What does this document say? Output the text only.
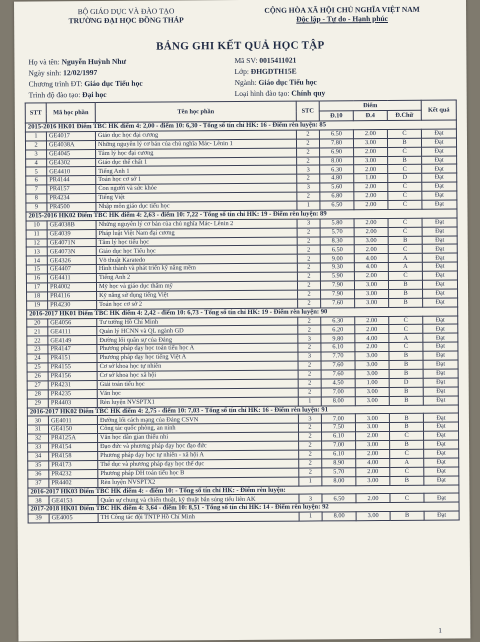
BỘ GIÁO DỤC VÀ ĐÀO TẠO
TRƯỜNG ĐẠI HỌC ĐỒNG THÁP
CỘNG HÒA XÃ HỘI CHỦ NGHĨA VIỆT NAM
Độc lập - Tự do - Hạnh phúc
BẢNG GHI KẾT QUẢ HỌC TẬP
Họ và tên: Nguyễn Huỳnh Như
Ngày sinh: 12/02/1997
Chương trình ĐT: Giáo dục Tiểu học
Trình độ đào tạo: Đại học
Mã SV: 0015411021
Lớp: ĐHGDTH15E
Ngành: Giáo dục Tiểu học
Loại hình đào tạo: Chính quy
STT	Mã học phần	Tên học phần	STC	Điểm			Kết quả
				Đ.10	Đ.4	Đ.Chữ	
2015-2016 HK01 Điểm TBC HK điểm 4: 2,00 - điểm 10: 6,30 - Tổng số tín chỉ HK: 16 - Điểm rèn luyện: 85							
1	GE4017	Giáo dục học đại cương	2	6.50	2.00	C	Đạt
2	GE4038A	Những nguyên lý cơ bản của chủ nghĩa Mác- Lênin 1	2	7.80	3.00	B	Đạt
3	GE4045	Tâm lý học đại cương	2	6.90	2.00	C	Đạt
4	GE4302	Giáo dục thể chất 1	2	8.00	3.00	B	Đạt
5	GE4410	Tiếng Anh 1	3	6.30	2.00	C	Đạt
6	PR4144	Toán học cơ sở 1	2	4.80	1.00	D	Đạt
7	PR4157	Con người và sức khỏe	3	5.60	2.00	C	Đạt
8	PR4234	Tiếng Việt	2	6.80	2.00	C	Đạt
9	PR4500	Nhập môn giáo dục tiểu học	1	6.50	2.00	C	Đạt
2015-2016 HK02 Điểm TBC HK điểm 4: 2,63 - điểm 10: 7,22 - Tổng số tín chỉ HK: 19 - Điểm rèn luyện: 89							
10	GE4038B	Những nguyên lý cơ bản của chủ nghĩa Mác- Lênin 2	3	5.80	2.00	C	Đạt
11	GE4039	Pháp luật Việt Nam đại cương	2	5.70	2.00	C	Đạt
12	GE4071N	Tâm lý học tiểu học	2	8.30	3.00	B	Đạt
13	GE4073N	Giáo dục học Tiểu học	2	6.50	2.00	C	Đạt
14	GE4326	Võ thuật Karatedo	2	9.00	4.00	A	Đạt
15	GE4407	Hình thành và phát triển kỹ năng mềm	2	9.30	4.00	A	Đạt
16	GE4411	Tiếng Anh 2	2	5.90	2.00	C	Đạt
17	PR4002	Mỹ học và giáo dục thẩm mỹ	2	7.90	3.00	B	Đạt
18	PR4116	Kỹ năng sử dụng tiếng Việt	2	7.90	3.00	B	Đạt
19	PR4230	Toán học cơ sở 2	2	7.60	3.00	B	Đạt
2016-2017 HK01 Điểm TBC HK điểm 4: 2,42 - điểm 10: 6,73 - Tổng số tín chỉ HK: 19 - Điểm rèn luyện: 90							
20	GE4056	Tư tưởng Hồ Chí Minh	2	6.30	2.00	C	Đạt
21	GE4111	Quản lý HCNN và QL ngành GD	2	6.20	2.00	C	Đạt
22	GE4149	Đường lối quân sự của Đảng	3	9.80	4.00	A	Đạt
23	PR4147	Phương pháp dạy học toán tiểu học A	2	6.10	2.00	C	Đạt
24	PR4151	Phương pháp dạy học tiếng Việt A	3	7.70	3.00	B	Đạt
25	PR4155	Cơ sở khoa học tự nhiên	2	7.60	3.00	B	Đạt
26	PR4156	Cơ sở khoa học xã hội	2	7.60	3.00	B	Đạt
27	PR4231	Giải toán tiểu học	2	4.50	1.00	D	Đạt
28	PR4235	Văn học	2	7.00	3.00	B	Đạt
29	PR4403	Rèn luyện NVSPTX1	1	8.00	3.00	B	Đạt
2016-2017 HK02 Điểm TBC HK điểm 4: 2,75 - điểm 10: 7,03 - Tổng số tín chỉ HK: 16 - Điểm rèn luyện: 91							
30	GE4011	Đường lối cách mạng của Đảng CSVN	3	7.00	3.00	B	Đạt
31	GE4150	Công tác quốc phòng, an ninh	2	7.50	3.00	B	Đạt
32	PR4125A	Văn học dân gian thiếu nhi	2	6.10	2.00	C	Đạt
33	PR4154	Đạo đức và phương pháp dạy học đạo đức	2	7.00	3.00	B	Đạt
34	PR4158	Phương pháp dạy học tự nhiên - xã hội A	2	6.10	2.00	C	Đạt
35	PR4173	Thể dục và phương pháp dạy học thể dục	2	8.90	4.00	A	Đạt
36	PR4232	Phương pháp DH toán tiểu học B	2	5.70	2.00	C	Đạt
37	PR4402	Rèn luyện NVSPTX2	1	8.00	3.00	B	Đạt
2016-2017 HK03 Điểm TBC HK điểm 4: - điểm 10: - Tổng số tín chỉ HK: - Điểm rèn luyện:							
38	GE4153	Quân sự chung và chiến thuật, kỹ thuật bắn súng tiểu liên AK	3	6.50	2.00	C	Đạt
2017-2018 HK01 Điểm TBC HK điểm 4: 3,64 - điểm 10: 8,51 - Tổng số tín chỉ HK: 14 - Điểm rèn luyện: 92							
39	GE4005	TH Công tác đội TNTP Hồ Chí Minh	1	8.00	3.00	B	Đạt
1
